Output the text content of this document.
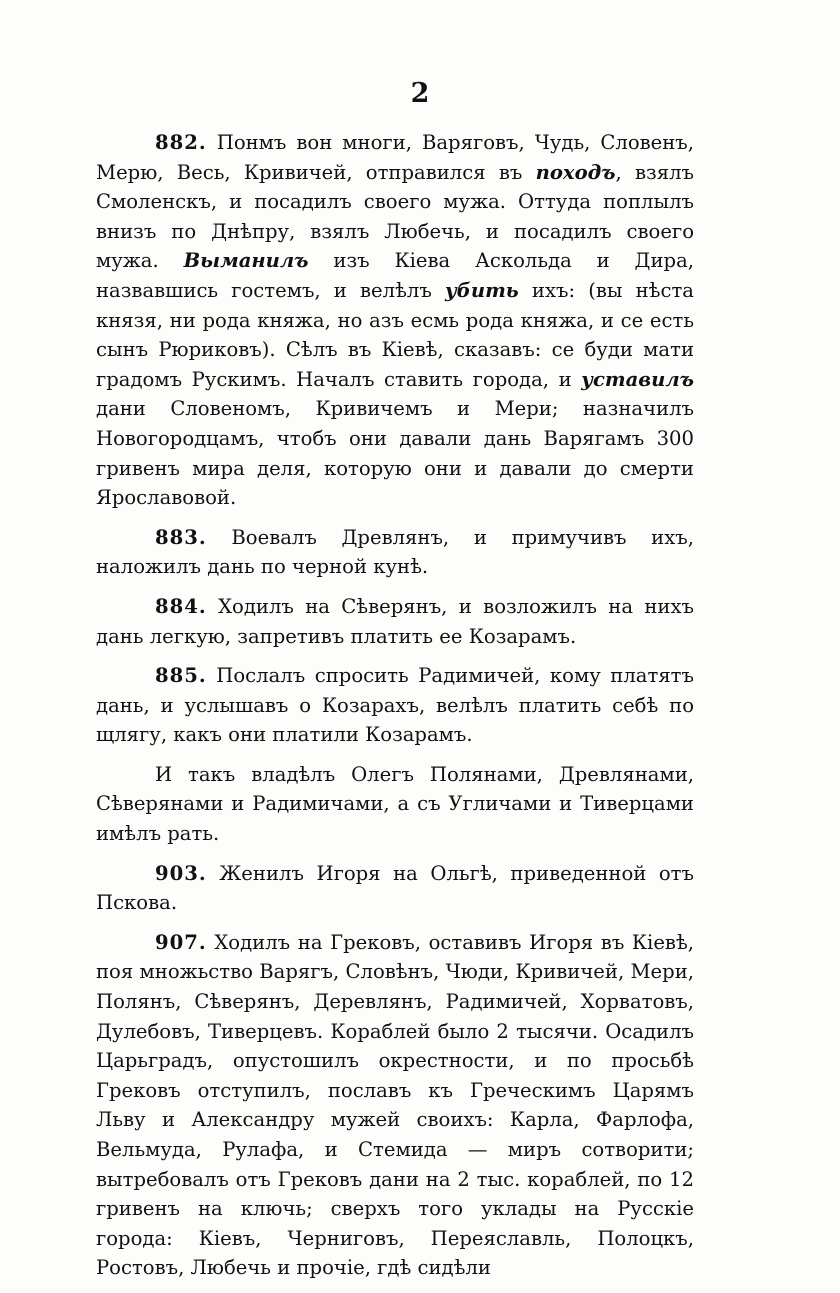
2

882. Понмъ вон многи, Варяговъ, Чудь, Словенъ, Мерю, Весь, Кривичей, отправился въ походъ, взялъ Смоленскъ, и посадилъ своего мужа. Оттуда поплылъ внизъ по Днѣпру, взялъ Любечь, и посадилъ своего мужа. Выманилъ изъ Кіева Аскольда и Дира, назвавшись гостемъ, и велѣлъ убить ихъ: (вы нѣста князя, ни рода княжа, но азъ есмь рода княжа, и се есть сынъ Рюриковъ). Сѣлъ въ Кіевѣ, сказавъ: се буди мати градомъ Рускимъ. Началъ ставить города, и уставилъ дани Словеномъ, Кривичемъ и Мери; назначилъ Новогородцамъ, чтобъ они давали дань Варягамъ 300 гривенъ мира деля, которую они и давали до смерти Ярославовой.

883. Воевалъ Древлянъ, и примучивъ ихъ, наложилъ дань по черной кунѣ.

884. Ходилъ на Сѣверянъ, и возложилъ на нихъ дань легкую, запретивъ платить ее Козарамъ.

885. Послалъ спросить Радимичей, кому платятъ дань, и услышавъ о Козарахъ, велѣлъ платить себѣ по щлягу, какъ они платили Козарамъ.

И такъ владѣлъ Олегъ Полянами, Древлянами, Сѣверянами и Радимичами, а съ Угличами и Тиверцами имѣлъ рать.

903. Женилъ Игоря на Ольгѣ, приведенной отъ Пскова.

907. Ходилъ на Грековъ, оставивъ Игоря въ Кіевѣ, поя множьство Варягъ, Словѣнъ, Чюди, Кривичей, Мери, Полянъ, Сѣверянъ, Деревлянъ, Радимичей, Хорватовъ, Дулебовъ, Тиверцевъ. Кораблей было 2 тысячи. Осадилъ Царьградъ, опустошилъ окрестности, и по просьбѣ Грековъ отступилъ, пославъ къ Греческимъ Царямъ Льву и Александру мужей своихъ: Карла, Фарлофа, Вельмуда, Рулафа, и Стемида — миръ сотворити; вытребовалъ отъ Грековъ дани на 2 тыс. кораблей, по 12 гривенъ на ключь; сверхъ того уклады на Русскіе города: Кіевъ, Черниговъ, Переяславль, Полоцкъ, Ростовъ, Любечь и прочіе, гдѣ сидѣли
